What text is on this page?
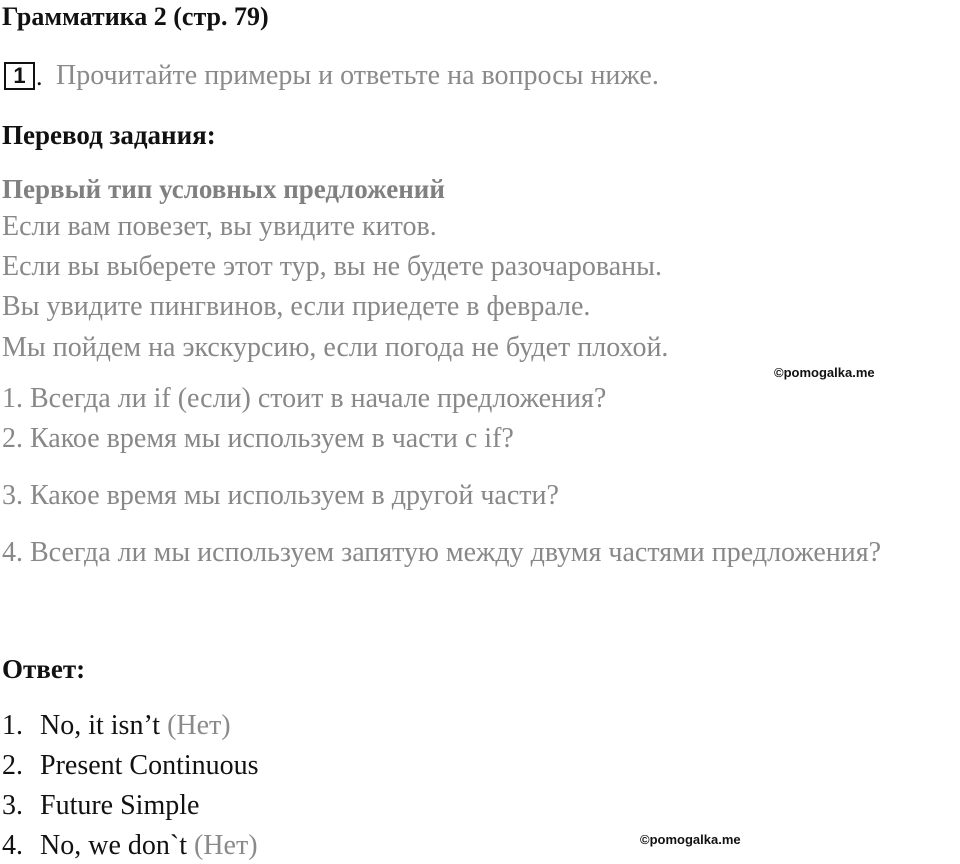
Грамматика 2 (стр. 79)
1 . Прочитайте примеры и ответьте на вопросы ниже.
Перевод задания:
Первый тип условных предложений
Если вам повезет, вы увидите китов.
Если вы выберете этот тур, вы не будете разочарованы.
Вы увидите пингвинов, если приедете в феврале.
Мы пойдем на экскурсию, если погода не будет плохой.
©pomogalka.me
1. Всегда ли if (если) стоит в начале предложения?
2. Какое время мы используем в части с if?
3. Какое время мы используем в другой части?
4. Всегда ли мы используем запятую между двумя частями предложения?
Ответ:
1. No, it isn’t (Нет)
2. Present Continuous
3. Future Simple
4. No, we don`t (Нет)	©pomogalka.me
